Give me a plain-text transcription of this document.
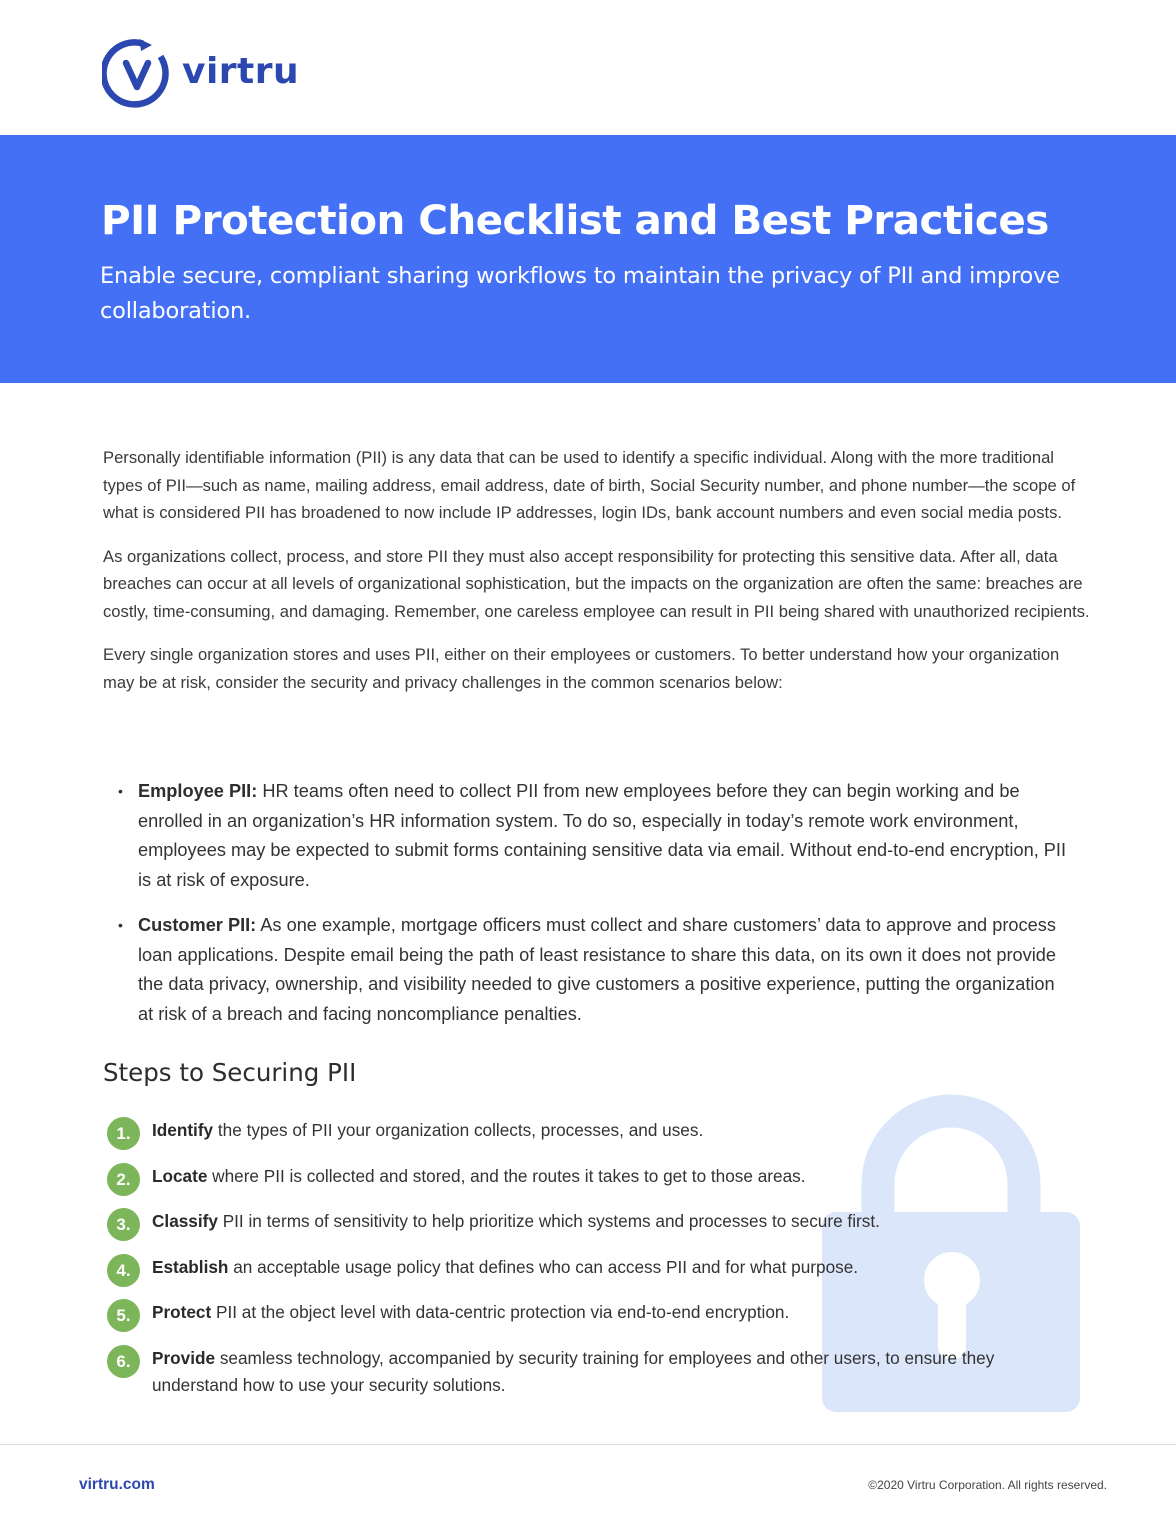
virtru
PII Protection Checklist and Best Practices

Enable secure, compliant sharing workflows to maintain the privacy of PII and improve collaboration.

Personally identifiable information (PII) is any data that can be used to identify a specific individual. Along with the more traditional types of PII—such as name, mailing address, email address, date of birth, Social Security number, and phone number—the scope of what is considered PII has broadened to now include IP addresses, login IDs, bank account numbers and even social media posts.

As organizations collect, process, and store PII they must also accept responsibility for protecting this sensitive data. After all, data breaches can occur at all levels of organizational sophistication, but the impacts on the organization are often the same: breaches are costly, time-consuming, and damaging. Remember, one careless employee can result in PII being shared with unauthorized recipients.

Every single organization stores and uses PII, either on their employees or customers. To better understand how your organization may be at risk, consider the security and privacy challenges in the common scenarios below:

• Employee PII: HR teams often need to collect PII from new employees before they can begin working and be enrolled in an organization’s HR information system. To do so, especially in today’s remote work environment, employees may be expected to submit forms containing sensitive data via email. Without end-to-end encryption, PII is at risk of exposure.
• Customer PII: As one example, mortgage officers must collect and share customers’ data to approve and process loan applications. Despite email being the path of least resistance to share this data, on its own it does not provide the data privacy, ownership, and visibility needed to give customers a positive experience, putting the organization at risk of a breach and facing noncompliance penalties.
Steps to Securing PII
1.	Identify the types of PII your organization collects, processes, and uses.
2.	Locate where PII is collected and stored, and the routes it takes to get to those areas.
3.	Classify PII in terms of sensitivity to help prioritize which systems and processes to secure first.
4.	Establish an acceptable usage policy that defines who can access PII and for what purpose.
5.	Protect PII at the object level with data-centric protection via end-to-end encryption.
6.	Provide seamless technology, accompanied by security training for employees and other users, to ensure they understand how to use your security solutions.
virtru.com	©2020 Virtru Corporation. All rights reserved.
